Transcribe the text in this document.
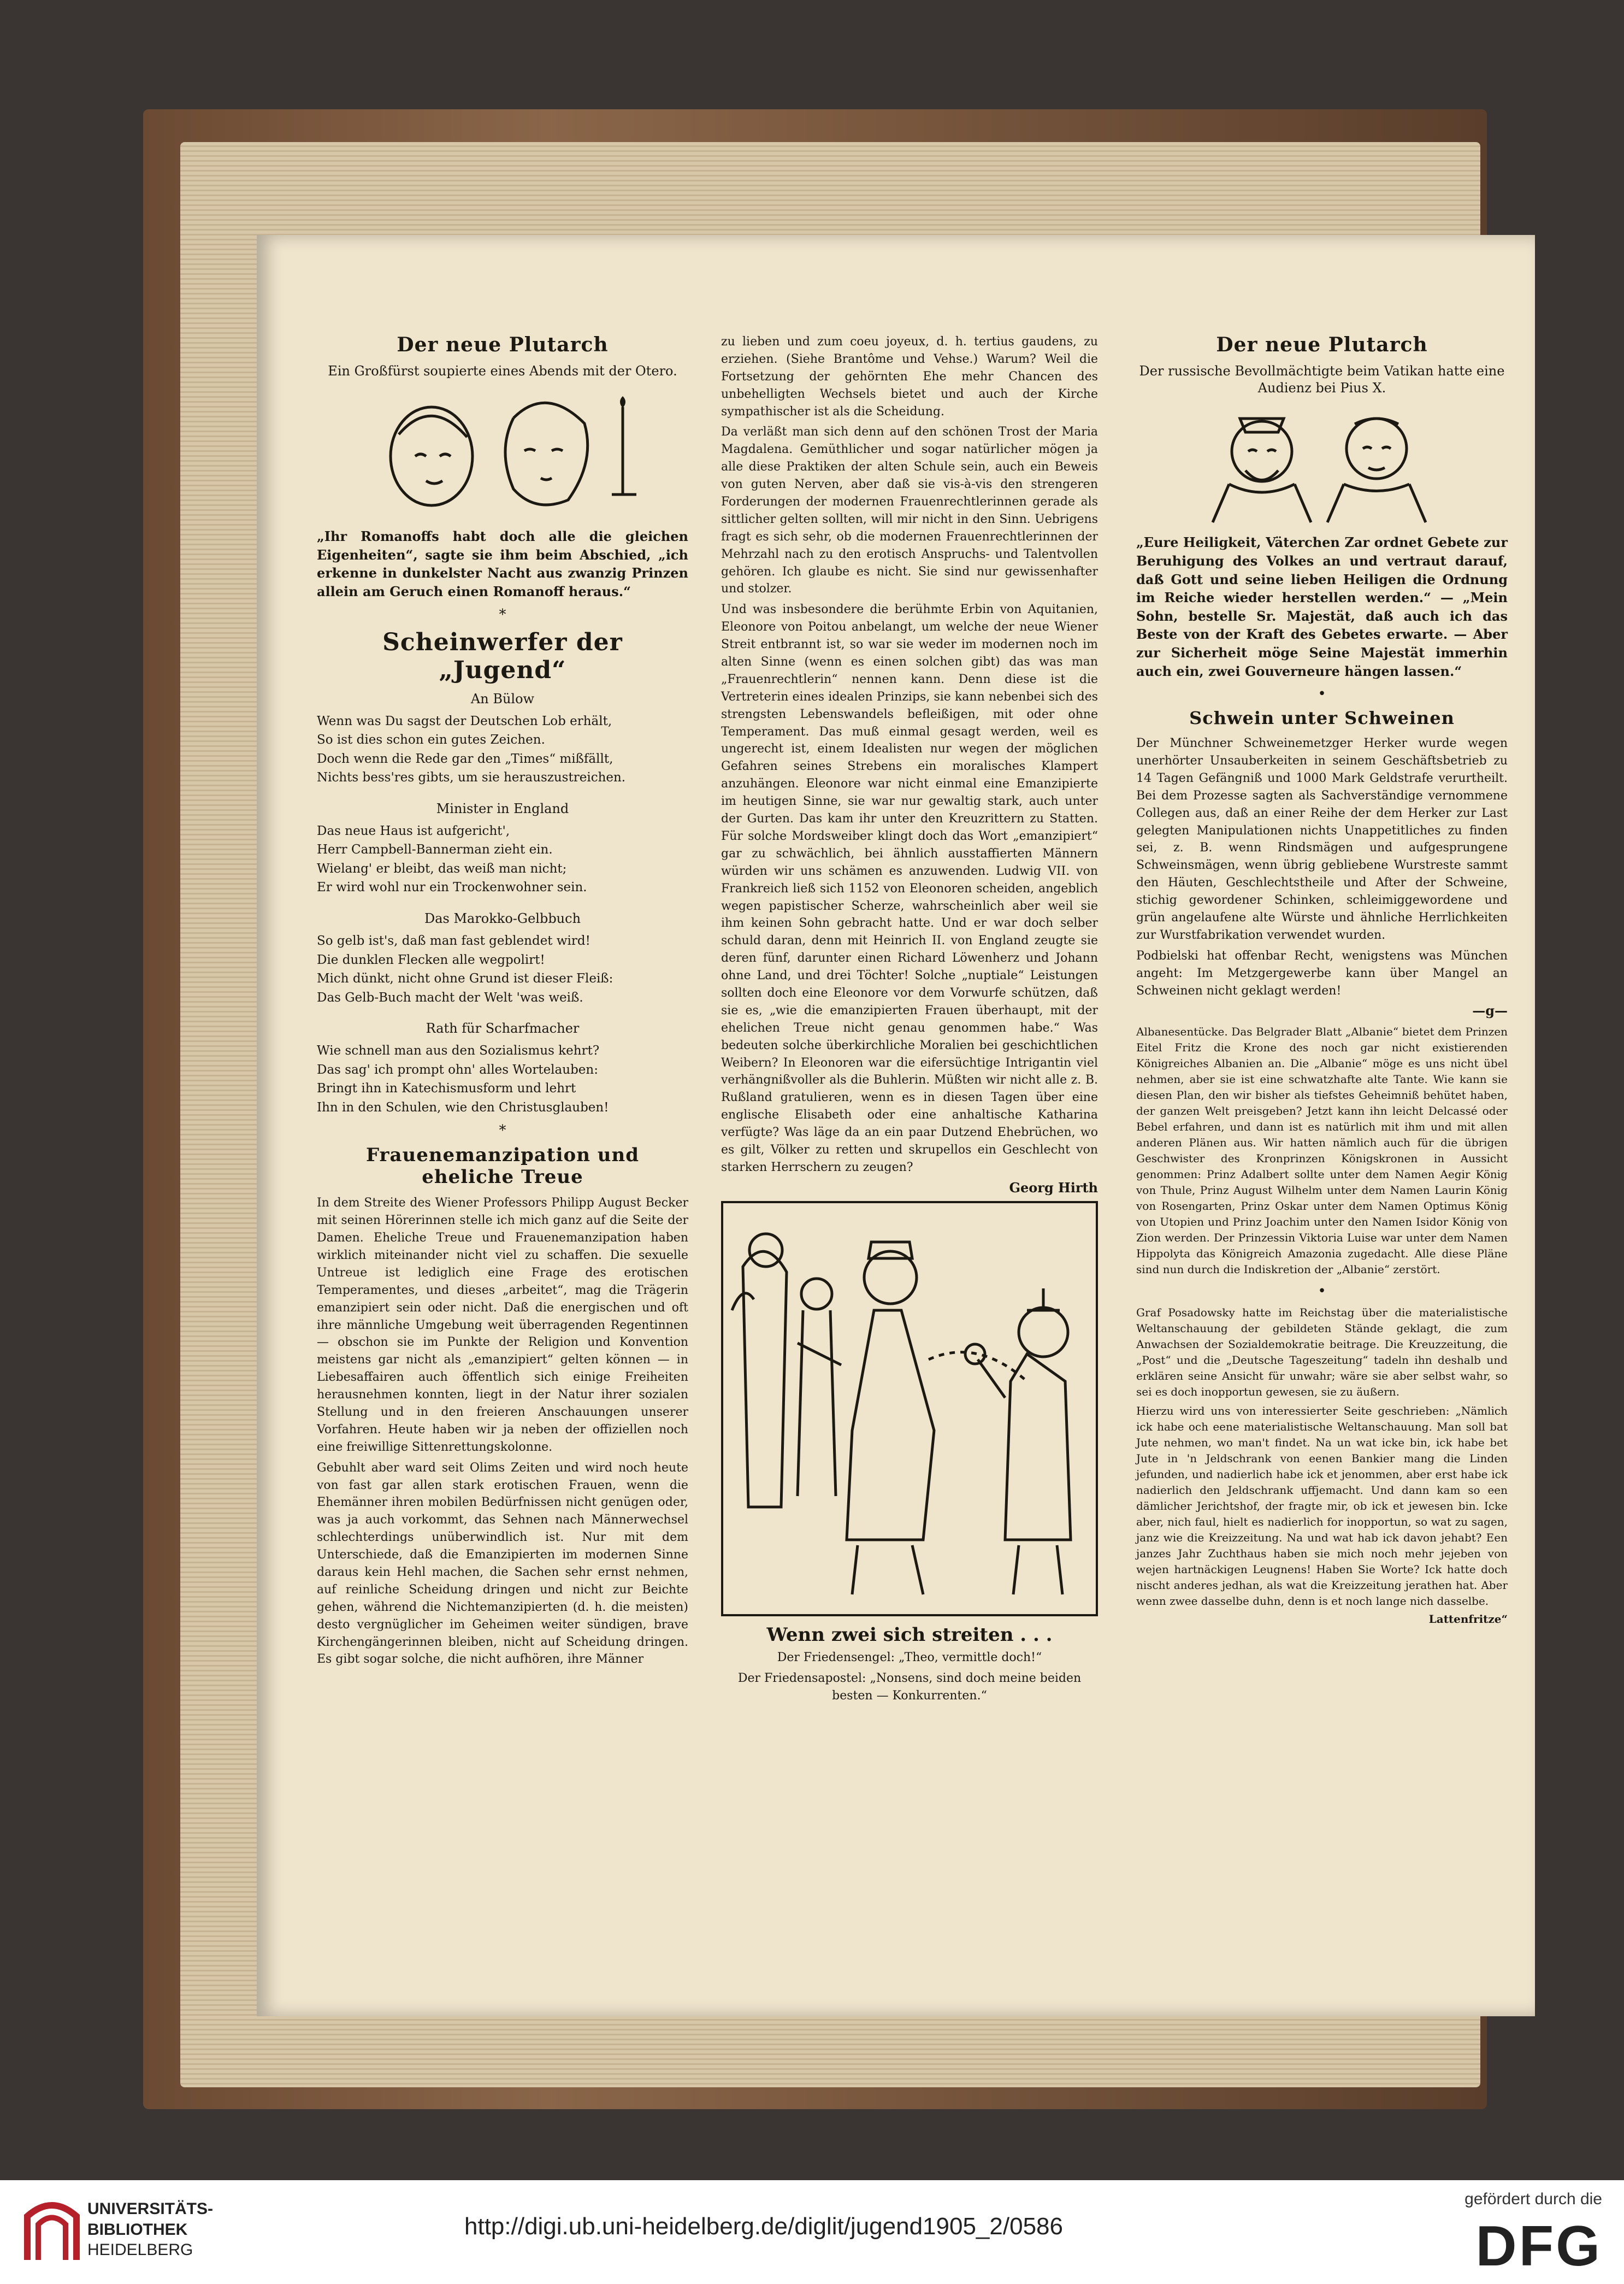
Der neue Plutarch
Ein Großfürst soupierte eines Abends mit der Otero.
„Ihr Romanoffs habt doch alle die gleichen Eigenheiten“, sagte sie ihm beim Abschied, „ich erkenne in dunkelster Nacht aus zwanzig Prinzen allein am Geruch einen Romanoff heraus.“
*
Scheinwerfer der „Jugend“
An Bülow

Wenn was Du sagst der Deutschen Lob erhält,

So ist dies schon ein gutes Zeichen.

Doch wenn die Rede gar den „Times“ mißfällt,

Nichts bess'res gibts, um sie herauszustreichen.

Minister in England

Das neue Haus ist aufgericht',

Herr Campbell-Bannerman zieht ein.

Wielang' er bleibt, das weiß man nicht;

Er wird wohl nur ein Trockenwohner sein.

Das Marokko-Gelbbuch

So gelb ist's, daß man fast geblendet wird!

Die dunklen Flecken alle wegpolirt!

Mich dünkt, nicht ohne Grund ist dieser Fleiß:

Das Gelb-Buch macht der Welt 'was weiß.

Rath für Scharfmacher

Wie schnell man aus den Sozialismus kehrt?

Das sag' ich prompt ohn' alles Wortelauben:

Bringt ihn in Katechismusform und lehrt

Ihn in den Schulen, wie den Christusglauben!

*
Frauenemanzipation und eheliche Treue

In dem Streite des Wiener Professors Philipp August Becker mit seinen Hörerinnen stelle ich mich ganz auf die Seite der Damen. Eheliche Treue und Frauenemanzipation haben wirklich miteinander nicht viel zu schaffen. Die sexuelle Untreue ist lediglich eine Frage des erotischen Temperamentes, und dieses „arbeitet“, mag die Trägerin emanzipiert sein oder nicht. Daß die energischen und oft ihre männliche Umgebung weit überragenden Regentinnen — obschon sie im Punkte der Religion und Konvention meistens gar nicht als „emanzipiert“ gelten können — in Liebesaffairen auch öffentlich sich einige Freiheiten herausnehmen konnten, liegt in der Natur ihrer sozialen Stellung und in den freieren Anschauungen unserer Vorfahren. Heute haben wir ja neben der offiziellen noch eine freiwillige Sittenrettungskolonne.

Gebuhlt aber ward seit Olims Zeiten und wird noch heute von fast gar allen stark erotischen Frauen, wenn die Ehemänner ihren mobilen Bedürfnissen nicht genügen oder, was ja auch vorkommt, das Sehnen nach Männerwechsel schlechterdings unüberwindlich ist. Nur mit dem Unterschiede, daß die Emanzipierten im modernen Sinne daraus kein Hehl machen, die Sachen sehr ernst nehmen, auf reinliche Scheidung dringen und nicht zur Beichte gehen, während die Nichtemanzipierten (d. h. die meisten) desto vergnüglicher im Geheimen weiter sündigen, brave Kirchengängerinnen bleiben, nicht auf Scheidung dringen. Es gibt sogar solche, die nicht aufhören, ihre Männer

zu lieben und zum coeu joyeux, d. h. tertius gaudens, zu erziehen. (Siehe Brantôme und Vehse.) Warum? Weil die Fortsetzung der gehörnten Ehe mehr Chancen des unbehelligten Wechsels bietet und auch der Kirche sympathischer ist als die Scheidung.

Da verläßt man sich denn auf den schönen Trost der Maria Magdalena. Gemüthlicher und sogar natürlicher mögen ja alle diese Praktiken der alten Schule sein, auch ein Beweis von guten Nerven, aber daß sie vis-à-vis den strengeren Forderungen der modernen Frauenrechtlerinnen gerade als sittlicher gelten sollten, will mir nicht in den Sinn. Uebrigens fragt es sich sehr, ob die modernen Frauenrechtlerinnen der Mehrzahl nach zu den erotisch Anspruchs- und Talentvollen gehören. Ich glaube es nicht. Sie sind nur gewissenhafter und stolzer.

Und was insbesondere die berühmte Erbin von Aquitanien, Eleonore von Poitou anbelangt, um welche der neue Wiener Streit entbrannt ist, so war sie weder im modernen noch im alten Sinne (wenn es einen solchen gibt) das was man „Frauenrechtlerin“ nennen kann. Denn diese ist die Vertreterin eines idealen Prinzips, sie kann nebenbei sich des strengsten Lebenswandels befleißigen, mit oder ohne Temperament. Das muß einmal gesagt werden, weil es ungerecht ist, einem Idealisten nur wegen der möglichen Gefahren seines Strebens ein moralisches Klampert anzuhängen. Eleonore war nicht einmal eine Emanzipierte im heutigen Sinne, sie war nur gewaltig stark, auch unter der Gurten. Das kam ihr unter den Kreuzrittern zu Statten. Für solche Mordsweiber klingt doch das Wort „emanzipiert“ gar zu schwächlich, bei ähnlich ausstaffierten Männern würden wir uns schämen es anzuwenden. Ludwig VII. von Frankreich ließ sich 1152 von Eleonoren scheiden, angeblich wegen papistischer Scherze, wahrscheinlich aber weil sie ihm keinen Sohn gebracht hatte. Und er war doch selber schuld daran, denn mit Heinrich II. von England zeugte sie deren fünf, darunter einen Richard Löwenherz und Johann ohne Land, und drei Töchter! Solche „nuptiale“ Leistungen sollten doch eine Eleonore vor dem Vorwurfe schützen, daß sie es, „wie die emanzipierten Frauen überhaupt, mit der ehelichen Treue nicht genau genommen habe.“ Was bedeuten solche überkirchliche Moralien bei geschichtlichen Weibern? In Eleonoren war die eifersüchtige Intrigantin viel verhängnißvoller als die Buhlerin. Müßten wir nicht alle z. B. Rußland gratulieren, wenn es in diesen Tagen über eine englische Elisabeth oder eine anhaltische Katharina verfügte? Was läge da an ein paar Dutzend Ehebrüchen, wo es gilt, Völker zu retten und skrupellos ein Geschlecht von starken Herrschern zu zeugen?

Georg Hirth
Wenn zwei sich streiten . . .
Der Friedensengel: „Theo, vermittle doch!“
Der Friedensapostel: „Nonsens, sind doch meine beiden besten — Konkurrenten.“
Der neue Plutarch
Der russische Bevollmächtigte beim Vatikan hatte eine Audienz bei Pius X.
„Eure Heiligkeit, Väterchen Zar ordnet Gebete zur Beruhigung des Volkes an und vertraut darauf, daß Gott und seine lieben Heiligen die Ordnung im Reiche wieder herstellen werden.“ — „Mein Sohn, bestelle Sr. Majestät, daß auch ich das Beste von der Kraft des Gebetes erwarte. — Aber zur Sicherheit möge Seine Majestät immerhin auch ein, zwei Gouverneure hängen lassen.“
•
Schwein unter Schweinen

Der Münchner Schweinemetzger Herker wurde wegen unerhörter Unsauberkeiten in seinem Geschäftsbetrieb zu 14 Tagen Gefängniß und 1000 Mark Geldstrafe verurtheilt. Bei dem Prozesse sagten als Sachverständige vernommene Collegen aus, daß an einer Reihe der dem Herker zur Last gelegten Manipulationen nichts Unappetitliches zu finden sei, z. B. wenn Rindsmägen und aufgesprungene Schweinsmägen, wenn übrig gebliebene Wurstreste sammt den Häuten, Geschlechtstheile und After der Schweine, stichig gewordener Schinken, schleimiggewordene und grün angelaufene alte Würste und ähnliche Herrlichkeiten zur Wurstfabrikation verwendet wurden.

Podbielski hat offenbar Recht, wenigstens was München angeht: Im Metzgergewerbe kann über Mangel an Schweinen nicht geklagt werden!

—g—

Albanesentücke. Das Belgrader Blatt „Albanie“ bietet dem Prinzen Eitel Fritz die Krone des noch gar nicht existierenden Königreiches Albanien an. Die „Albanie“ möge es uns nicht übel nehmen, aber sie ist eine schwatzhafte alte Tante. Wie kann sie diesen Plan, den wir bisher als tiefstes Geheimniß behütet haben, der ganzen Welt preisgeben? Jetzt kann ihn leicht Delcassé oder Bebel erfahren, und dann ist es natürlich mit ihm und mit allen anderen Plänen aus. Wir hatten nämlich auch für die übrigen Geschwister des Kronprinzen Königskronen in Aussicht genommen: Prinz Adalbert sollte unter dem Namen Aegir König von Thule, Prinz August Wilhelm unter dem Namen Laurin König von Rosengarten, Prinz Oskar unter dem Namen Optimus König von Utopien und Prinz Joachim unter den Namen Isidor König von Zion werden. Der Prinzessin Viktoria Luise war unter dem Namen Hippolyta das Königreich Amazonia zugedacht. Alle diese Pläne sind nun durch die Indiskretion der „Albanie“ zerstört.

•

Graf Posadowsky hatte im Reichstag über die materialistische Weltanschauung der gebildeten Stände geklagt, die zum Anwachsen der Sozialdemokratie beitrage. Die Kreuzzeitung, die „Post“ und die „Deutsche Tageszeitung“ tadeln ihn deshalb und erklären seine Ansicht für unwahr; wäre sie aber selbst wahr, so sei es doch inopportun gewesen, sie zu äußern.

Hierzu wird uns von interessierter Seite geschrieben: „Nämlich ick habe och eene materialistische Weltanschauung. Man soll bat Jute nehmen, wo man't findet. Na un wat icke bin, ick habe bet Jute in 'n Jeldschrank von eenen Bankier mang die Linden jefunden, und nadierlich habe ick et jenommen, aber erst habe ick nadierlich den Jeldschrank uffjemacht. Und dann kam so een dämlicher Jerichtshof, der fragte mir, ob ick et jewesen bin. Icke aber, nich faul, hielt es nadierlich for inopportun, so wat zu sagen, janz wie die Kreizzeitung. Na und wat hab ick davon jehabt? Een janzes Jahr Zuchthaus haben sie mich noch mehr jejeben von wejen hartnäckigen Leugnens! Haben Sie Worte? Ick hatte doch nischt anderes jedhan, als wat die Kreizzeitung jerathen hat. Aber wenn zwee dasselbe duhn, denn is et noch lange nich dasselbe.

Lattenfritze“
UNIVERSITÄTS-
BIBLIOTHEK
HEIDELBERG
http://digi.ub.uni-heidelberg.de/diglit/jugend1905_2/0586
gefördert durch die
DFG
